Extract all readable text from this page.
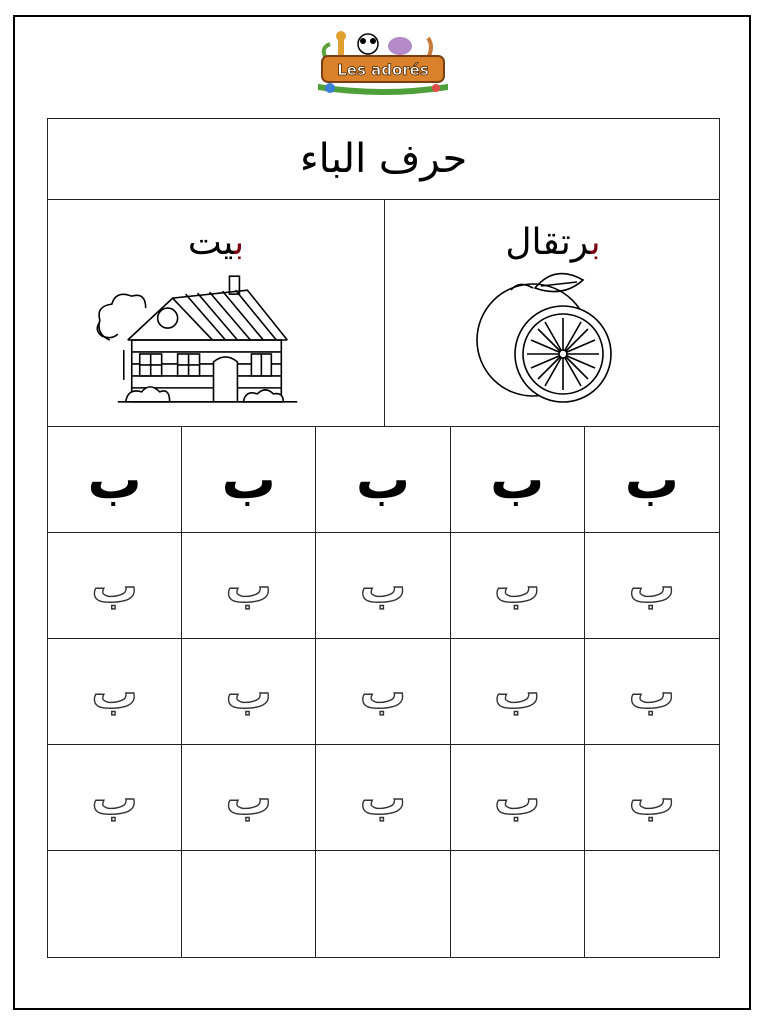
Les adorés
حرف الباء
بيت	برتقال
ب ب ب ب ب
ب ب ب ب ب
ب ب ب ب ب
ب ب ب ب ب
